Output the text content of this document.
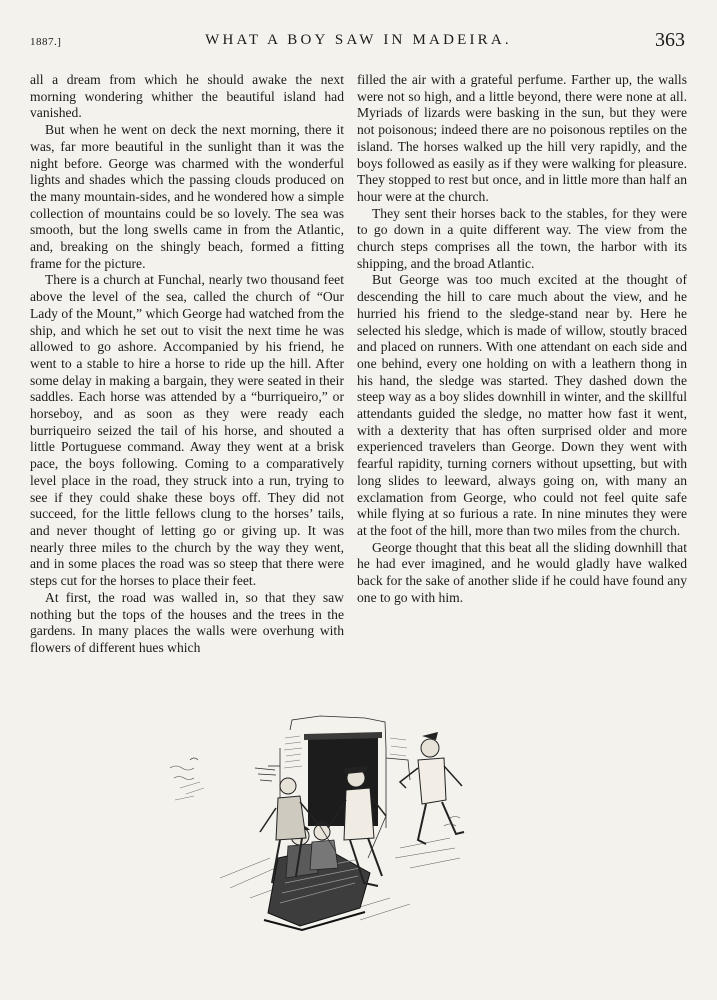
1887.]	WHAT A BOY SAW IN MADEIRA.	363

all a dream from which he should awake the next morning wondering whither the beautiful island had vanished.

But when he went on deck the next morning, there it was, far more beautiful in the sunlight than it was the night before. George was charmed with the wonderful lights and shades which the passing clouds produced on the many mountain-sides, and he wondered how a simple collection of mountains could be so lovely. The sea was smooth, but the long swells came in from the Atlantic, and, breaking on the shingly beach, formed a fitting frame for the picture.

There is a church at Funchal, nearly two thousand feet above the level of the sea, called the church of “Our Lady of the Mount,” which George had watched from the ship, and which he set out to visit the next time he was allowed to go ashore. Accompanied by his friend, he went to a stable to hire a horse to ride up the hill. After some delay in making a bargain, they were seated in their saddles. Each horse was attended by a “burriqueiro,” or horseboy, and as soon as they were ready each burriqueiro seized the tail of his horse, and shouted a little Portuguese command. Away they went at a brisk pace, the boys following. Coming to a comparatively level place in the road, they struck into a run, trying to see if they could shake these boys off. They did not succeed, for the little fellows clung to the horses’ tails, and never thought of letting go or giving up. It was nearly three miles to the church by the way they went, and in some places the road was so steep that there were steps cut for the horses to place their feet.

At first, the road was walled in, so that they saw nothing but the tops of the houses and the trees in the gardens. In many places the walls were overhung with flowers of different hues which

filled the air with a grateful perfume. Farther up, the walls were not so high, and a little beyond, there were none at all. Myriads of lizards were basking in the sun, but they were not poisonous; indeed there are no poisonous reptiles on the island. The horses walked up the hill very rapidly, and the boys followed as easily as if they were walking for pleasure. They stopped to rest but once, and in little more than half an hour were at the church.

They sent their horses back to the stables, for they were to go down in a quite different way. The view from the church steps comprises all the town, the harbor with its shipping, and the broad Atlantic.

But George was too much excited at the thought of descending the hill to care much about the view, and he hurried his friend to the sledge-stand near by. Here he selected his sledge, which is made of willow, stoutly braced and placed on runners. With one attendant on each side and one behind, every one holding on with a leathern thong in his hand, the sledge was started. They dashed down the steep way as a boy slides downhill in winter, and the skillful attendants guided the sledge, no matter how fast it went, with a dexterity that has often surprised older and more experienced travelers than George. Down they went with fearful rapidity, turning corners without upsetting, but with long slides to leeward, always going on, with many an exclamation from George, who could not feel quite safe while flying at so furious a rate. In nine minutes they were at the foot of the hill, more than two miles from the church.

George thought that this beat all the sliding downhill that he had ever imagined, and he would gladly have walked back for the sake of another slide if he could have found any one to go with him.
